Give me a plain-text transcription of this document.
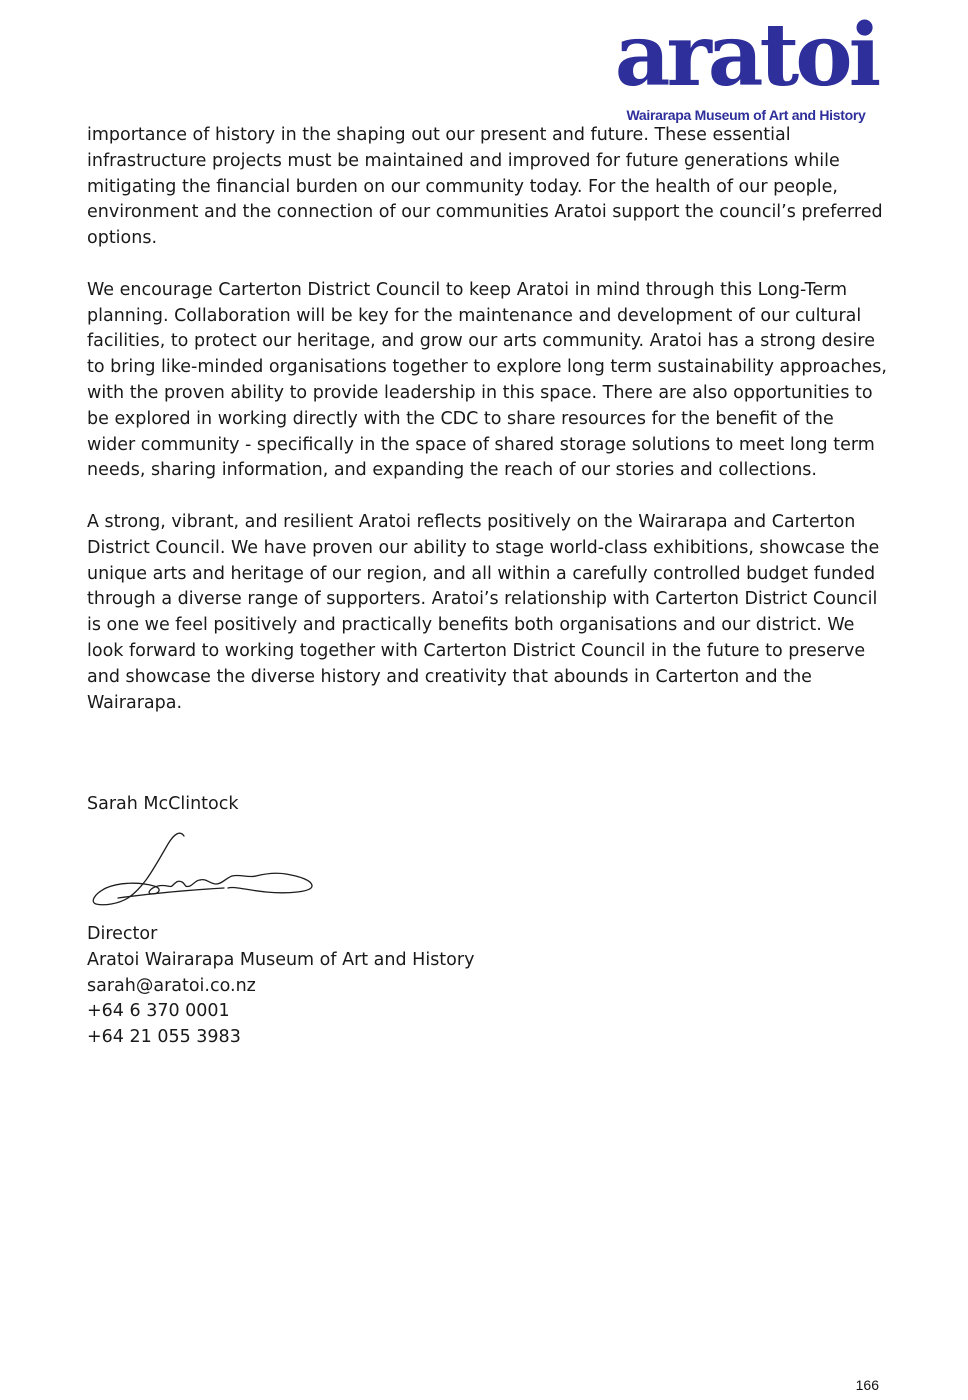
aratoi
Wairarapa Museum of Art and History

importance of history in the shaping out our present and future. These essential infrastructure projects must be maintained and improved for future generations while mitigating the financial burden on our community today. For the health of our people, environment and the connection of our communities Aratoi support the council’s preferred options.

We encourage Carterton District Council to keep Aratoi in mind through this Long-Term planning. Collaboration will be key for the maintenance and development of our cultural facilities, to protect our heritage, and grow our arts community. Aratoi has a strong desire to bring like-minded organisations together to explore long term sustainability approaches, with the proven ability to provide leadership in this space. There are also opportunities to be explored in working directly with the CDC to share resources for the benefit of the wider community - specifically in the space of shared storage solutions to meet long term needs, sharing information, and expanding the reach of our stories and collections.

A strong, vibrant, and resilient Aratoi reflects positively on the Wairarapa and Carterton District Council. We have proven our ability to stage world-class exhibitions, showcase the unique arts and heritage of our region, and all within a carefully controlled budget funded through a diverse range of supporters. Aratoi’s relationship with Carterton District Council is one we feel positively and practically benefits both organisations and our district. We look forward to working together with Carterton District Council in the future to preserve and showcase the diverse history and creativity that abounds in Carterton and the Wairarapa.

Sarah McClintock
Director
Aratoi Wairarapa Museum of Art and History
sarah@aratoi.co.nz
+64 6 370 0001
+64 21 055 3983
166
